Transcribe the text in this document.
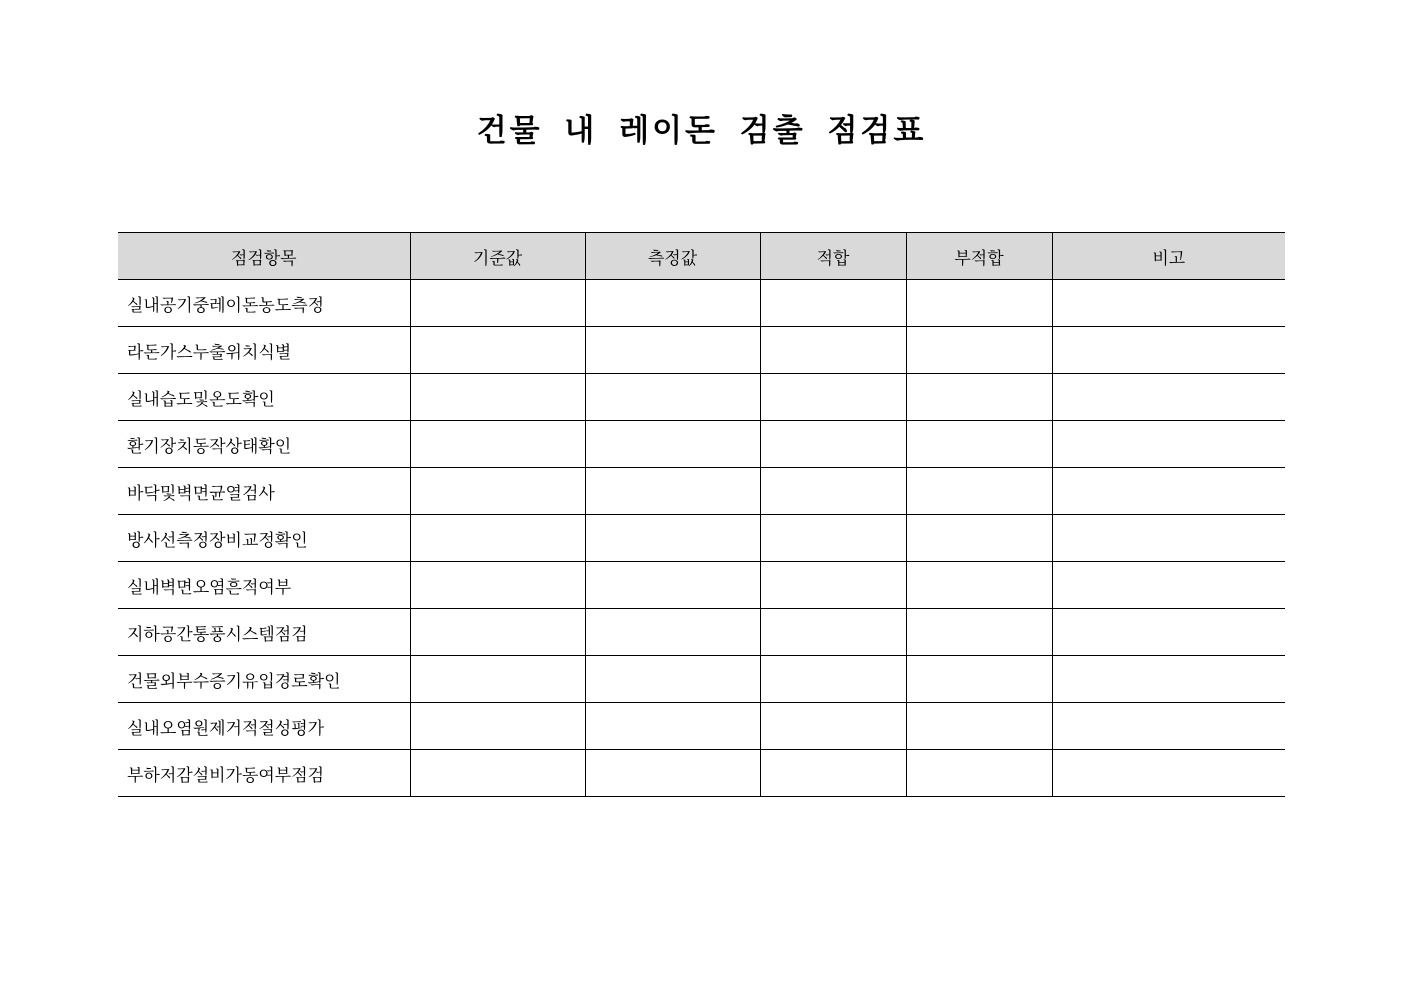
건물 내 레이돈 검출 점검표
점검항목	기준값	측정값	적합	부적합	비고
실내공기중레이돈농도측정					
라돈가스누출위치식별					
실내습도및온도확인					
환기장치동작상태확인					
바닥및벽면균열검사					
방사선측정장비교정확인					
실내벽면오염흔적여부					
지하공간통풍시스템점검					
건물외부수증기유입경로확인					
실내오염원제거적절성평가					
부하저감설비가동여부점검					
